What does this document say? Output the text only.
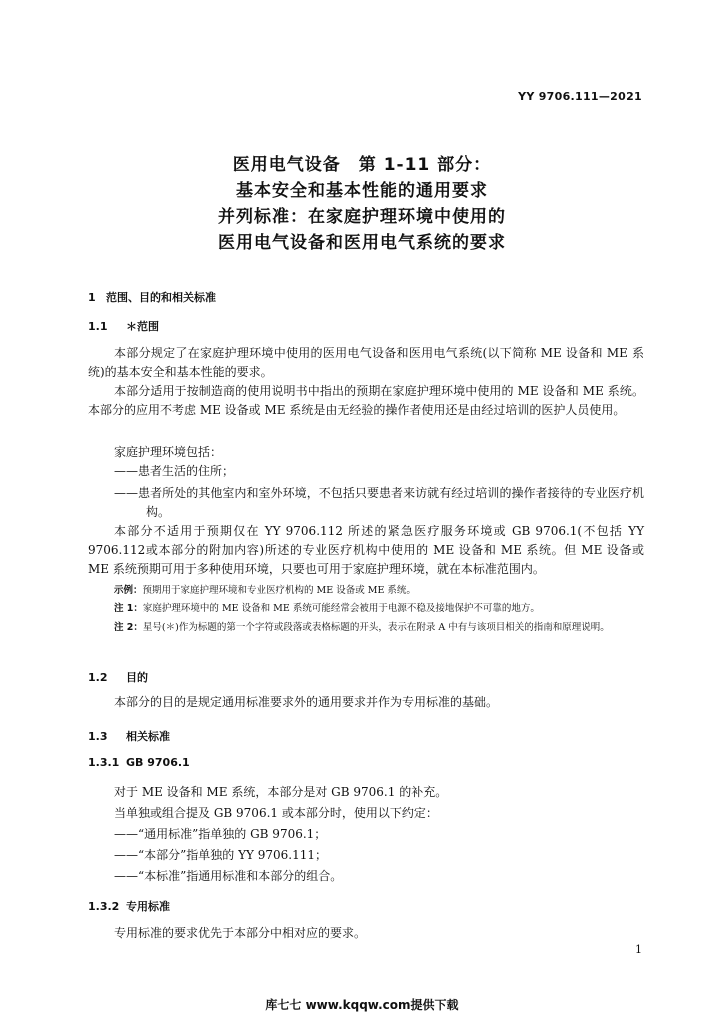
YY 9706.111—2021
医用电气设备　第 1-11 部分：
基本安全和基本性能的通用要求
并列标准：在家庭护理环境中使用的
医用电气设备和医用电气系统的要求
1 范围、目的和相关标准
1.1 ＊范围
本部分规定了在家庭护理环境中使用的医用电气设备和医用电气系统(以下简称 ME 设备和 ME 系统)的基本安全和基本性能的要求。
本部分适用于按制造商的使用说明书中指出的预期在家庭护理环境中使用的 ME 设备和 ME 系统。本部分的应用不考虑 ME 设备或 ME 系统是由无经验的操作者使用还是由经过培训的医护人员使用。
家庭护理环境包括：
——患者生活的住所；
——患者所处的其他室内和室外环境，不包括只要患者来访就有经过培训的操作者接待的专业医疗机构。
本部分不适用于预期仅在 YY 9706.112 所述的紧急医疗服务环境或 GB 9706.1(不包括 YY 9706.112或本部分的附加内容)所述的专业医疗机构中使用的 ME 设备和 ME 系统。但 ME 设备或 ME 系统预期可用于多种使用环境，只要也可用于家庭护理环境，就在本标准范围内。
示例：预期用于家庭护理环境和专业医疗机构的 ME 设备或 ME 系统。
注 1：家庭护理环境中的 ME 设备和 ME 系统可能经常会被用于电源不稳及接地保护不可靠的地方。
注 2：星号(＊)作为标题的第一个字符或段落或表格标题的开头，表示在附录 A 中有与该项目相关的指南和原理说明。
1.2 目的
本部分的目的是规定通用标准要求外的通用要求并作为专用标准的基础。
1.3 相关标准
1.3.1 GB 9706.1
对于 ME 设备和 ME 系统，本部分是对 GB 9706.1 的补充。
当单独或组合提及 GB 9706.1 或本部分时，使用以下约定：
——“通用标准”指单独的 GB 9706.1；
——“本部分”指单独的 YY 9706.111；
——“本标准”指通用标准和本部分的组合。
1.3.2 专用标准
专用标准的要求优先于本部分中相对应的要求。
1
库七七 www.kqqw.com提供下载
